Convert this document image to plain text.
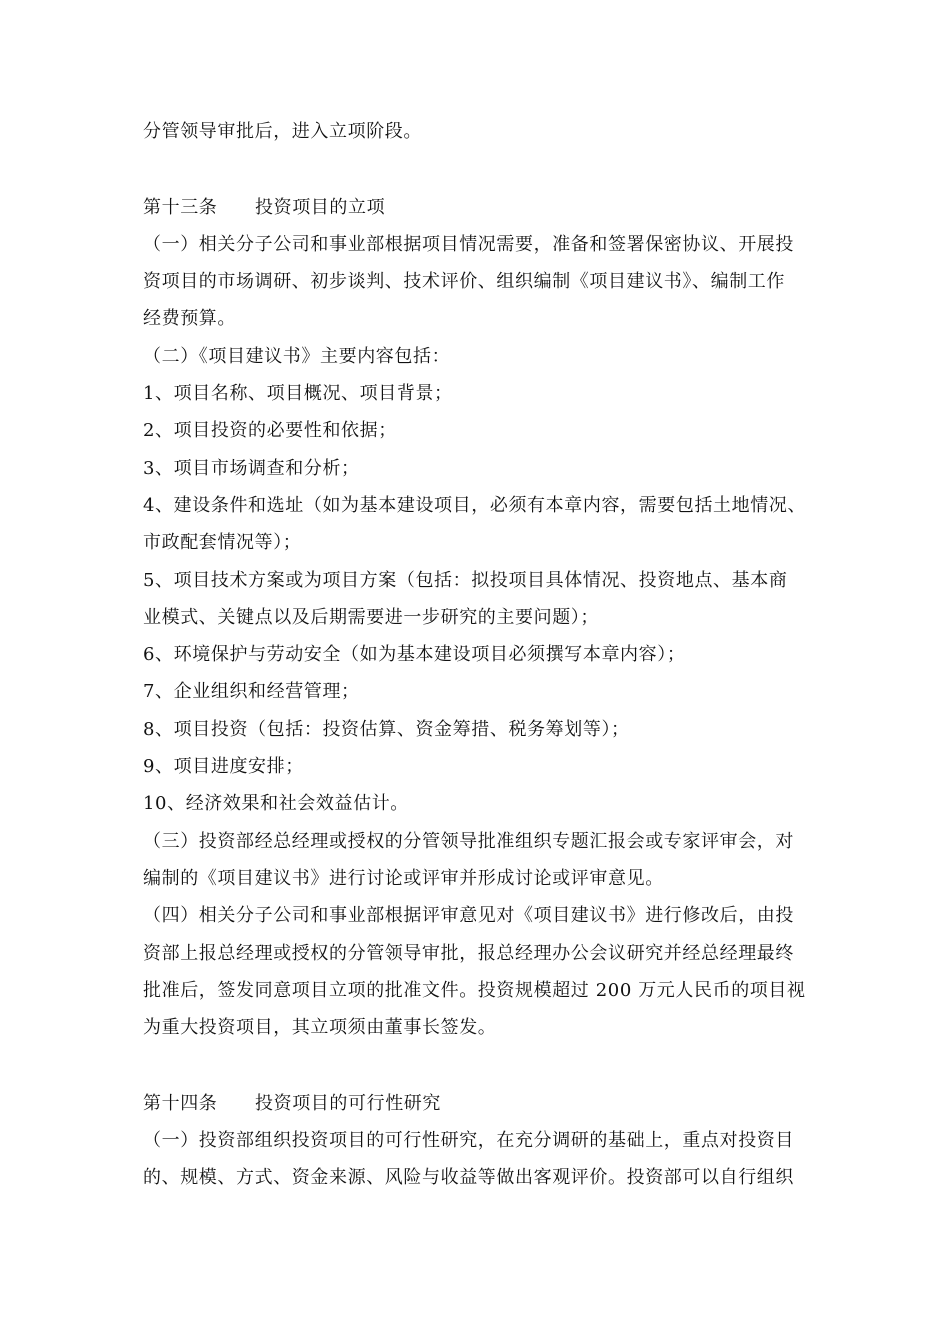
分管领导审批后，进入立项阶段。
第十三条 投资项目的立项
（一）相关分子公司和事业部根据项目情况需要，准备和签署保密协议、开展投
资项目的市场调研、初步谈判、技术评价、组织编制《项目建议书》、编制工作
经费预算。
（二）《项目建议书》主要内容包括：
1、项目名称、项目概况、项目背景；
2、项目投资的必要性和依据；
3、项目市场调查和分析；
4、建设条件和选址（如为基本建设项目，必须有本章内容，需要包括土地情况、
市政配套情况等）；
5、项目技术方案或为项目方案（包括：拟投项目具体情况、投资地点、基本商
业模式、关键点以及后期需要进一步研究的主要问题）；
6、环境保护与劳动安全（如为基本建设项目必须撰写本章内容）；
7、企业组织和经营管理；
8、项目投资（包括：投资估算、资金筹措、税务筹划等）；
9、项目进度安排；
10、经济效果和社会效益估计。
（三）投资部经总经理或授权的分管领导批准组织专题汇报会或专家评审会，对
编制的《项目建议书》进行讨论或评审并形成讨论或评审意见。
（四）相关分子公司和事业部根据评审意见对《项目建议书》进行修改后，由投
资部上报总经理或授权的分管领导审批，报总经理办公会议研究并经总经理最终
批准后，签发同意项目立项的批准文件。投资规模超过 200 万元人民币的项目视
为重大投资项目，其立项须由董事长签发。
第十四条 投资项目的可行性研究
（一）投资部组织投资项目的可行性研究，在充分调研的基础上，重点对投资目
的、规模、方式、资金来源、风险与收益等做出客观评价。投资部可以自行组织
